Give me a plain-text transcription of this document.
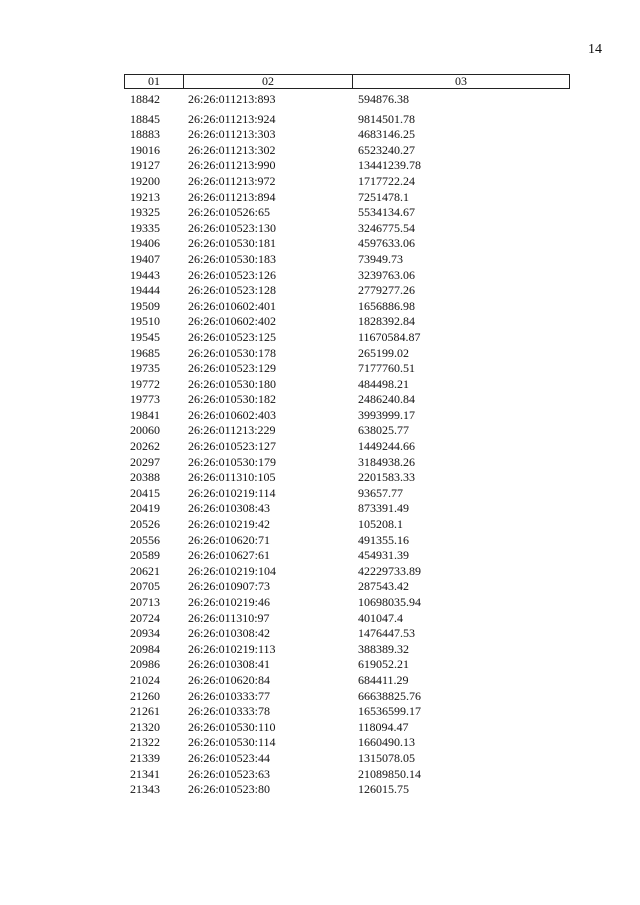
14
01	02	03
18842	26:26:011213:893	594876.38
18845	26:26:011213:924	9814501.78
18883	26:26:011213:303	4683146.25
19016	26:26:011213:302	6523240.27
19127	26:26:011213:990	13441239.78
19200	26:26:011213:972	1717722.24
19213	26:26:011213:894	7251478.1
19325	26:26:010526:65	5534134.67
19335	26:26:010523:130	3246775.54
19406	26:26:010530:181	4597633.06
19407	26:26:010530:183	73949.73
19443	26:26:010523:126	3239763.06
19444	26:26:010523:128	2779277.26
19509	26:26:010602:401	1656886.98
19510	26:26:010602:402	1828392.84
19545	26:26:010523:125	11670584.87
19685	26:26:010530:178	265199.02
19735	26:26:010523:129	7177760.51
19772	26:26:010530:180	484498.21
19773	26:26:010530:182	2486240.84
19841	26:26:010602:403	3993999.17
20060	26:26:011213:229	638025.77
20262	26:26:010523:127	1449244.66
20297	26:26:010530:179	3184938.26
20388	26:26:011310:105	2201583.33
20415	26:26:010219:114	93657.77
20419	26:26:010308:43	873391.49
20526	26:26:010219:42	105208.1
20556	26:26:010620:71	491355.16
20589	26:26:010627:61	454931.39
20621	26:26:010219:104	42229733.89
20705	26:26:010907:73	287543.42
20713	26:26:010219:46	10698035.94
20724	26:26:011310:97	401047.4
20934	26:26:010308:42	1476447.53
20984	26:26:010219:113	388389.32
20986	26:26:010308:41	619052.21
21024	26:26:010620:84	684411.29
21260	26:26:010333:77	66638825.76
21261	26:26:010333:78	16536599.17
21320	26:26:010530:110	118094.47
21322	26:26:010530:114	1660490.13
21339	26:26:010523:44	1315078.05
21341	26:26:010523:63	21089850.14
21343	26:26:010523:80	126015.75
